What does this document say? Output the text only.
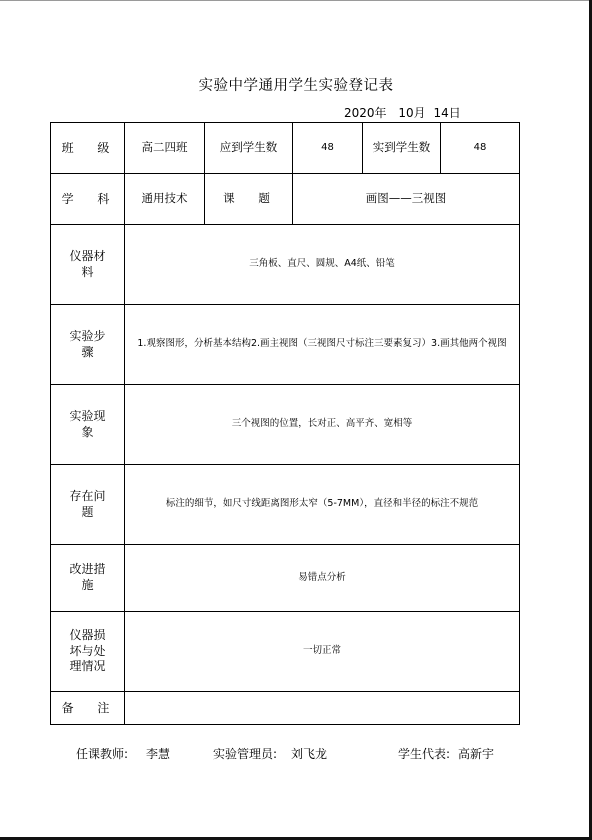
实验中学通用学生实验登记表
2020年 10月 14日
班 级	高二四班	应到学生数	48	实到学生数	48
学 科	通用技术	课 题	画图——三视图		
仪器材料	三角板、直尺、圆规、A4纸、铅笔				
实验步骤	1.观察图形，分析基本结构2.画主视图（三视图尺寸标注三要素复习）3.画其他两个视图				
实验现象	三个视图的位置，长对正、高平齐、宽相等				
存在问题	标注的细节，如尺寸线距离图形太窄（5-7MM），直径和半径的标注不规范				
改进措施	易错点分析				
仪器损坏与处理情况	一切正常				
备 注					
任课教师: 李慧	实验管理员: 刘飞龙	学生代表: 高新宇
